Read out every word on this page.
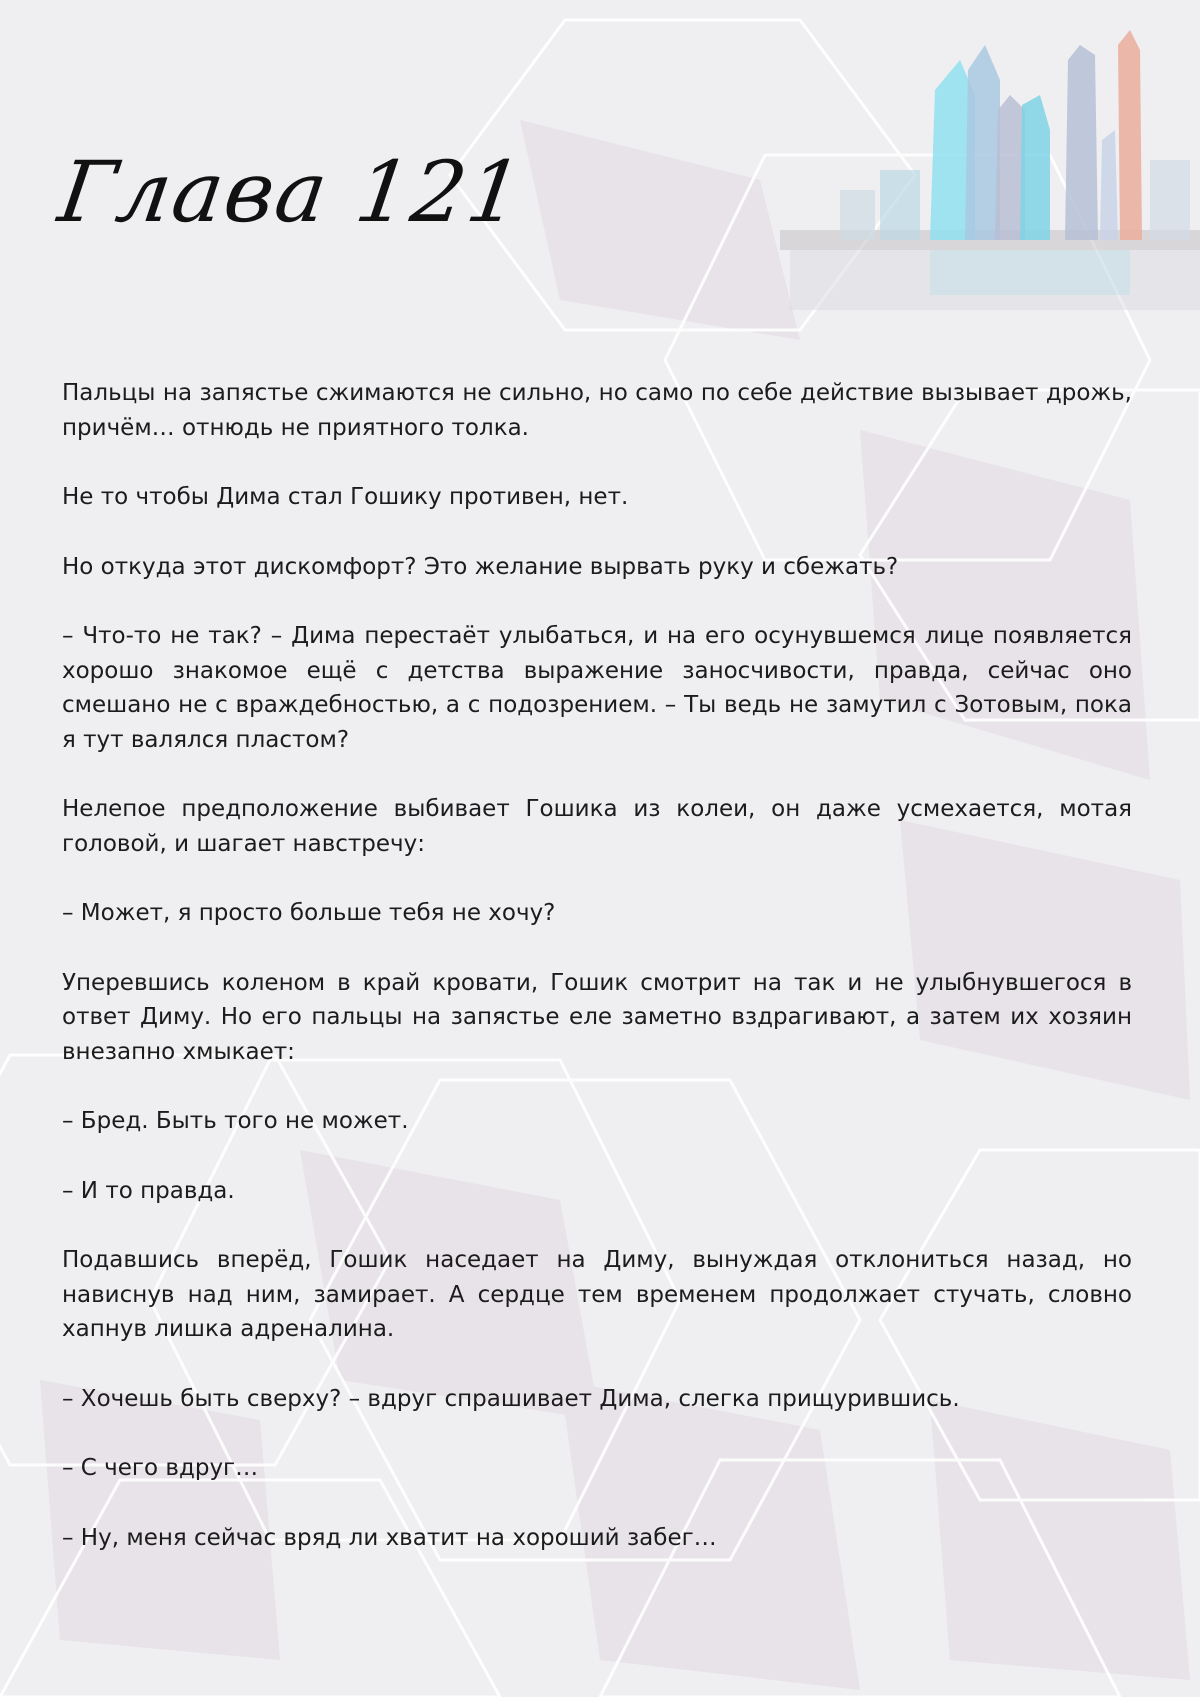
Глава 121

Пальцы на запястье сжимаются не сильно, но само по себе действие вызывает дрожь, причём… отнюдь не приятного толка.

Не то чтобы Дима стал Гошику противен, нет.

Но откуда этот дискомфорт? Это желание вырвать руку и сбежать?

– Что-то не так? – Дима перестаёт улыбаться, и на его осунувшемся лице появляется хорошо знакомое ещё с детства выражение заносчивости, правда, сейчас оно смешано не с враждебностью, а с подозрением. – Ты ведь не замутил с Зотовым, пока я тут валялся пластом?

Нелепое предположение выбивает Гошика из колеи, он даже усмехается, мотая головой, и шагает навстречу:

– Может, я просто больше тебя не хочу?

Уперевшись коленом в край кровати, Гошик смотрит на так и не улыбнувшегося в ответ Диму. Но его пальцы на запястье еле заметно вздрагивают, а затем их хозяин внезапно хмыкает:

– Бред. Быть того не может.

– И то правда.

Подавшись вперёд, Гошик наседает на Диму, вынуждая отклониться назад, но нависнув над ним, замирает. А сердце тем временем продолжает стучать, словно хапнув лишка адреналина.

– Хочешь быть сверху? – вдруг спрашивает Дима, слегка прищурившись.

– С чего вдруг…

– Ну, меня сейчас вряд ли хватит на хороший забег…
